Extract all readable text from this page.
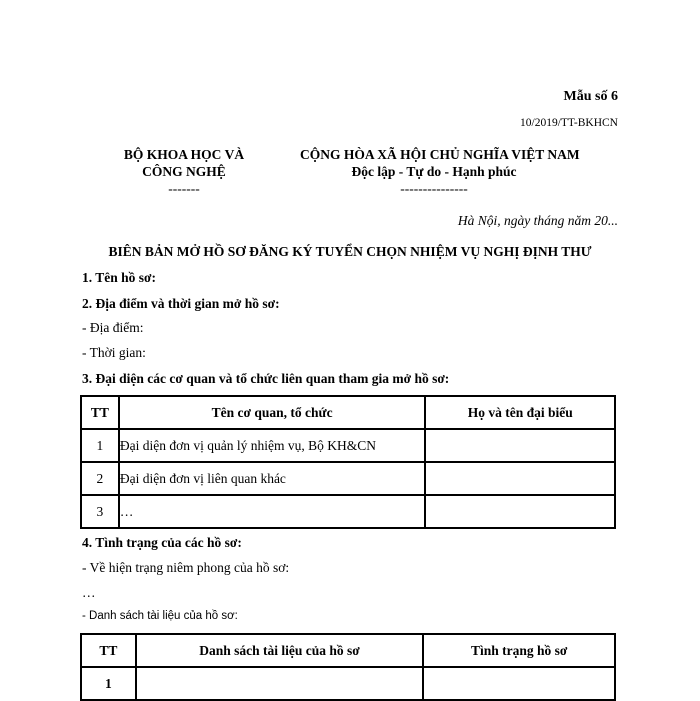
Mẫu số 6
10/2019/TT-BKHCN
BỘ KHOA HỌC VÀ
CÔNG NGHỆ
-------
CỘNG HÒA XÃ HỘI CHỦ NGHĨA VIỆT NAM
Độc lập - Tự do - Hạnh phúc
---------------
Hà Nội, ngày tháng năm 20...
BIÊN BẢN MỞ HỒ SƠ ĐĂNG KÝ TUYỂN CHỌN NHIỆM VỤ NGHỊ ĐỊNH THƯ
1. Tên hồ sơ:
2. Địa điểm và thời gian mở hồ sơ:
- Địa điểm:
- Thời gian:
3. Đại diện các cơ quan và tổ chức liên quan tham gia mở hồ sơ:
TT	Tên cơ quan, tổ chức	Họ và tên đại biểu
1	Đại diện đơn vị quản lý nhiệm vụ, Bộ KH&CN	
2	Đại diện đơn vị liên quan khác	
3	…	
4. Tình trạng của các hồ sơ:
- Về hiện trạng niêm phong của hồ sơ:
…
- Danh sách tài liệu của hồ sơ:
TT	Danh sách tài liệu của hồ sơ	Tình trạng hồ sơ
1		
